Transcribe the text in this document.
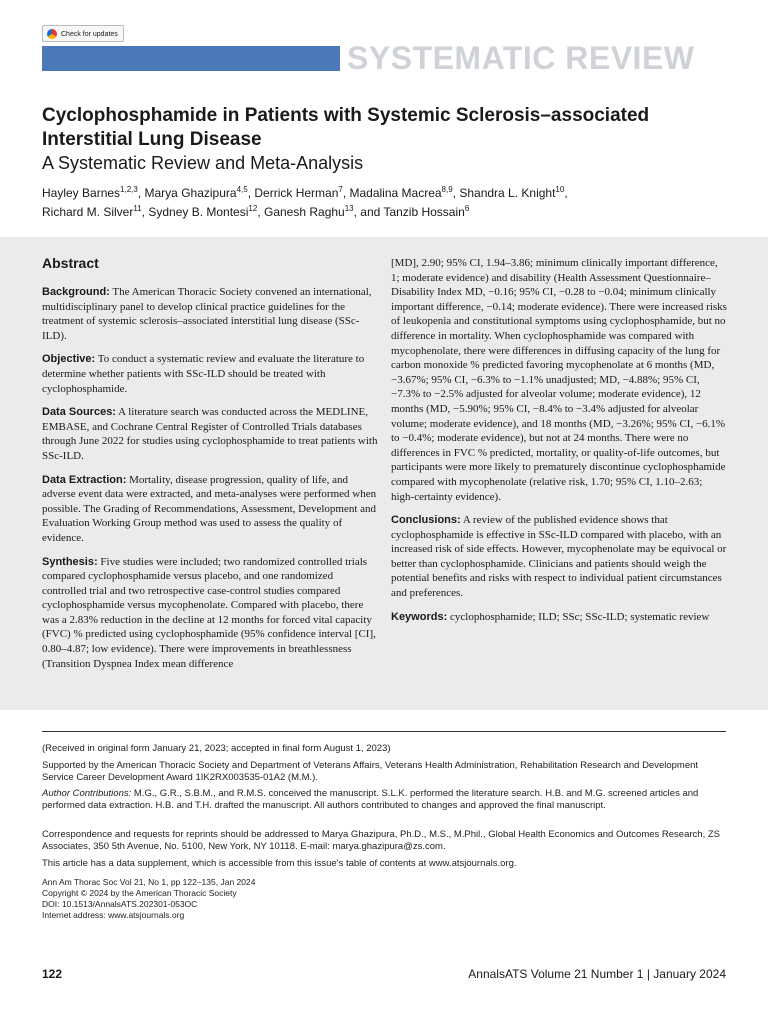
Check for updates
SYSTEMATIC REVIEW
Cyclophosphamide in Patients with Systemic Sclerosis–associated Interstitial Lung Disease
A Systematic Review and Meta-Analysis

Hayley Barnes$^{1,2,3}$, Marya Ghazipura$^{4,5}$, Derrick Herman$^7$, Madalina Macrea$^{8,9}$, Shandra L. Knight$^{10}$,
Richard M. Silver$^{11}$, Sydney B. Montesi$^{12}$, Ganesh Raghu$^{13}$, and Tanzib Hossain$^6$

Abstract

Background: The American Thoracic Society convened an international, multidisciplinary panel to develop clinical practice guidelines for the treatment of systemic sclerosis–associated interstitial lung disease (SSc-ILD).

Objective: To conduct a systematic review and evaluate the literature to determine whether patients with SSc-ILD should be treated with cyclophosphamide.

Data Sources: A literature search was conducted across the MEDLINE, EMBASE, and Cochrane Central Register of Controlled Trials databases through June 2022 for studies using cyclophosphamide to treat patients with SSc-ILD.

Data Extraction: Mortality, disease progression, quality of life, and adverse event data were extracted, and meta-analyses were performed when possible. The Grading of Recommendations, Assessment, Development and Evaluation Working Group method was used to assess the quality of evidence.

Synthesis: Five studies were included; two randomized controlled trials compared cyclophosphamide versus placebo, and one randomized controlled trial and two retrospective case-control studies compared cyclophosphamide versus mycophenolate. Compared with placebo, there was a 2.83% reduction in the decline at 12 months for forced vital capacity (FVC) % predicted using cyclophosphamide (95% confidence interval [CI], 0.80–4.87; low evidence). There were improvements in breathlessness (Transition Dyspnea Index mean difference

[MD], 2.90; 95% CI, 1.94–3.86; minimum clinically important difference, 1; moderate evidence) and disability (Health Assessment Questionnaire–Disability Index MD, −0.16; 95% CI, −0.28 to −0.04; minimum clinically important difference, −0.14; moderate evidence). There were increased risks of leukopenia and constitutional symptoms using cyclophosphamide, but no difference in mortality. When cyclophosphamide was compared with mycophenolate, there were differences in diffusing capacity of the lung for carbon monoxide % predicted favoring mycophenolate at 6 months (MD, −3.67%; 95% CI, −6.3% to −1.1% unadjusted; MD, −4.88%; 95% CI, −7.3% to −2.5% adjusted for alveolar volume; moderate evidence), 12 months (MD, −5.90%; 95% CI, −8.4% to −3.4% adjusted for alveolar volume; moderate evidence), and 18 months (MD, −3.26%; 95% CI, −6.1% to −0.4%; moderate evidence), but not at 24 months. There were no differences in FVC % predicted, mortality, or quality-of-life outcomes, but participants were more likely to prematurely discontinue cyclophosphamide compared with mycophenolate (relative risk, 1.70; 95% CI, 1.10–2.63; high-certainty evidence).

Conclusions: A review of the published evidence shows that cyclophosphamide is effective in SSc-ILD compared with placebo, with an increased risk of side effects. However, mycophenolate may be equivocal or better than cyclophosphamide. Clinicians and patients should weigh the potential benefits and risks with respect to individual patient circumstances and preferences.

Keywords: cyclophosphamide; ILD; SSc; SSc-ILD; systematic review

(Received in original form January 21, 2023; accepted in final form August 1, 2023)

Supported by the American Thoracic Society and Department of Veterans Affairs, Veterans Health Administration, Rehabilitation Research and Development Service Career Development Award 1IK2RX003535-01A2 (M.M.).

Author Contributions: M.G., G.R., S.B.M., and R.M.S. conceived the manuscript. S.L.K. performed the literature search. H.B. and M.G. screened articles and performed data extraction. H.B. and T.H. drafted the manuscript. All authors contributed to changes and approved the final manuscript.

Correspondence and requests for reprints should be addressed to Marya Ghazipura, Ph.D., M.S., M.Phil., Global Health Economics and Outcomes Research, ZS Associates, 350 5th Avenue, No. 5100, New York, NY 10118. E-mail: marya.ghazipura@zs.com.

This article has a data supplement, which is accessible from this issue’s table of contents at www.atsjournals.org.

Ann Am Thorac Soc Vol 21, No 1, pp 122–135, Jan 2024

Copyright © 2024 by the American Thoracic Society

DOI: 10.1513/AnnalsATS.202301-053OC

Internet address: www.atsjournals.org

122	AnnalsATS Volume 21 Number 1 | January 2024
